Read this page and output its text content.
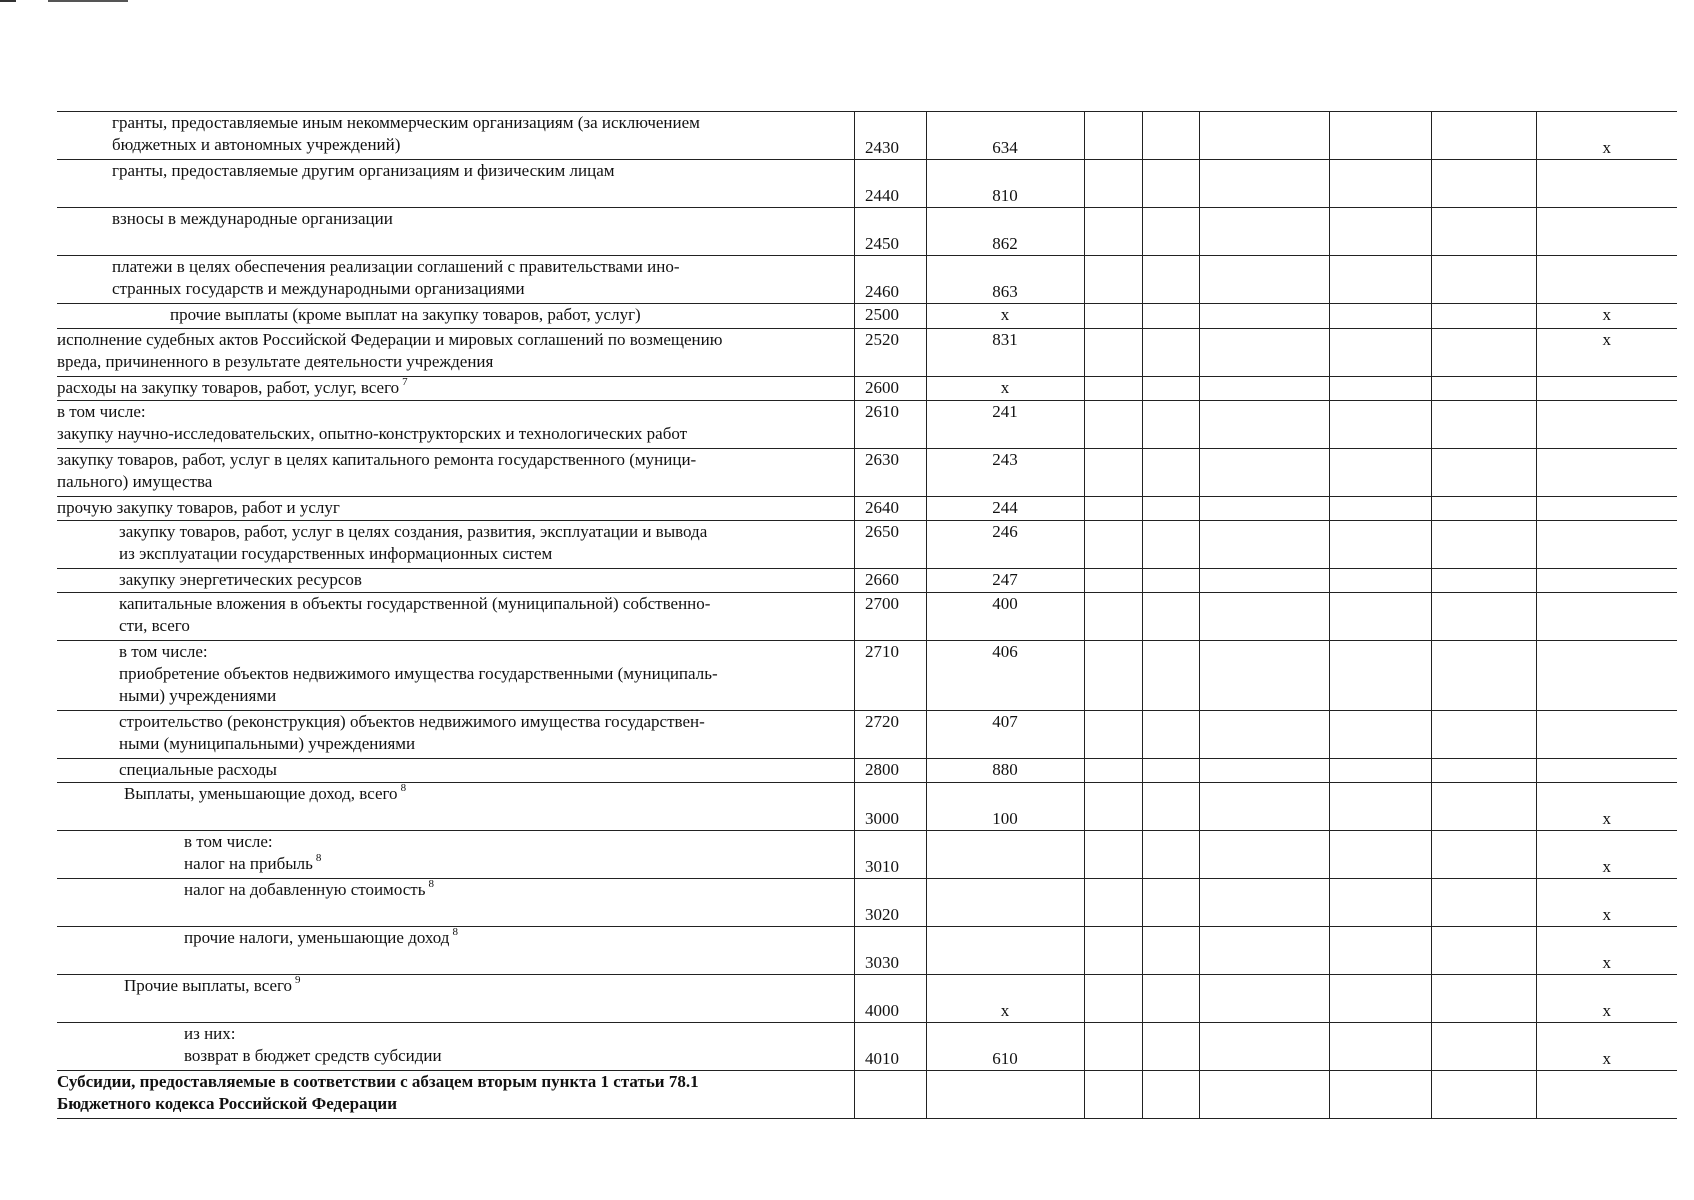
гранты, предоставляемые иным некоммерческим организациям (за исключением
бюджетных и автономных учреждений)	2430	634						х

гранты, предоставляемые другим организациям и физическим лицам	2440	810						

взносы в международные организации	2450	862						

платежи в целях обеспечения реализации соглашений с правительствами ино-
странных государств и международными организациями	2460	863						

прочие выплаты (кроме выплат на закупку товаров, работ, услуг)	2500	х						х

исполнение судебных актов Российской Федерации и мировых соглашений по возмещению
вреда, причиненного в результате деятельности учреждения	2520	831						х

расходы на закупку товаров, работ, услуг, всего $^7$	2600	х						

в том числе:
закупку научно-исследовательских, опытно-конструкторских и технологических работ	2610	241						

закупку товаров, работ, услуг в целях капитального ремонта государственного (муници-
пального) имущества	2630	243						

прочую закупку товаров, работ и услуг	2640	244						

закупку товаров, работ, услуг в целях создания, развития, эксплуатации и вывода
из эксплуатации государственных информационных систем	2650	246						

закупку энергетических ресурсов	2660	247						

капитальные вложения в объекты государственной (муниципальной) собственно-
сти, всего	2700	400						

в том числе:
приобретение объектов недвижимого имущества государственными (муниципаль-
ными) учреждениями	2710	406						

строительство (реконструкция) объектов недвижимого имущества государствен-
ными (муниципальными) учреждениями	2720	407						

специальные расходы	2800	880						

Выплаты, уменьшающие доход, всего $^8$	3000	100						х

в том числе:
налог на прибыль $^8$	3010							х

налог на добавленную стоимость $^8$	3020							х

прочие налоги, уменьшающие доход $^8$	3030							х

Прочие выплаты, всего $^9$	4000	х						х

из них:
возврат в бюджет средств субсидии	4010	610						х

Субсидии, предоставляемые в соответствии с абзацем вторым пункта 1 статьи 78.1
Бюджетного кодекса Российской Федерации								
